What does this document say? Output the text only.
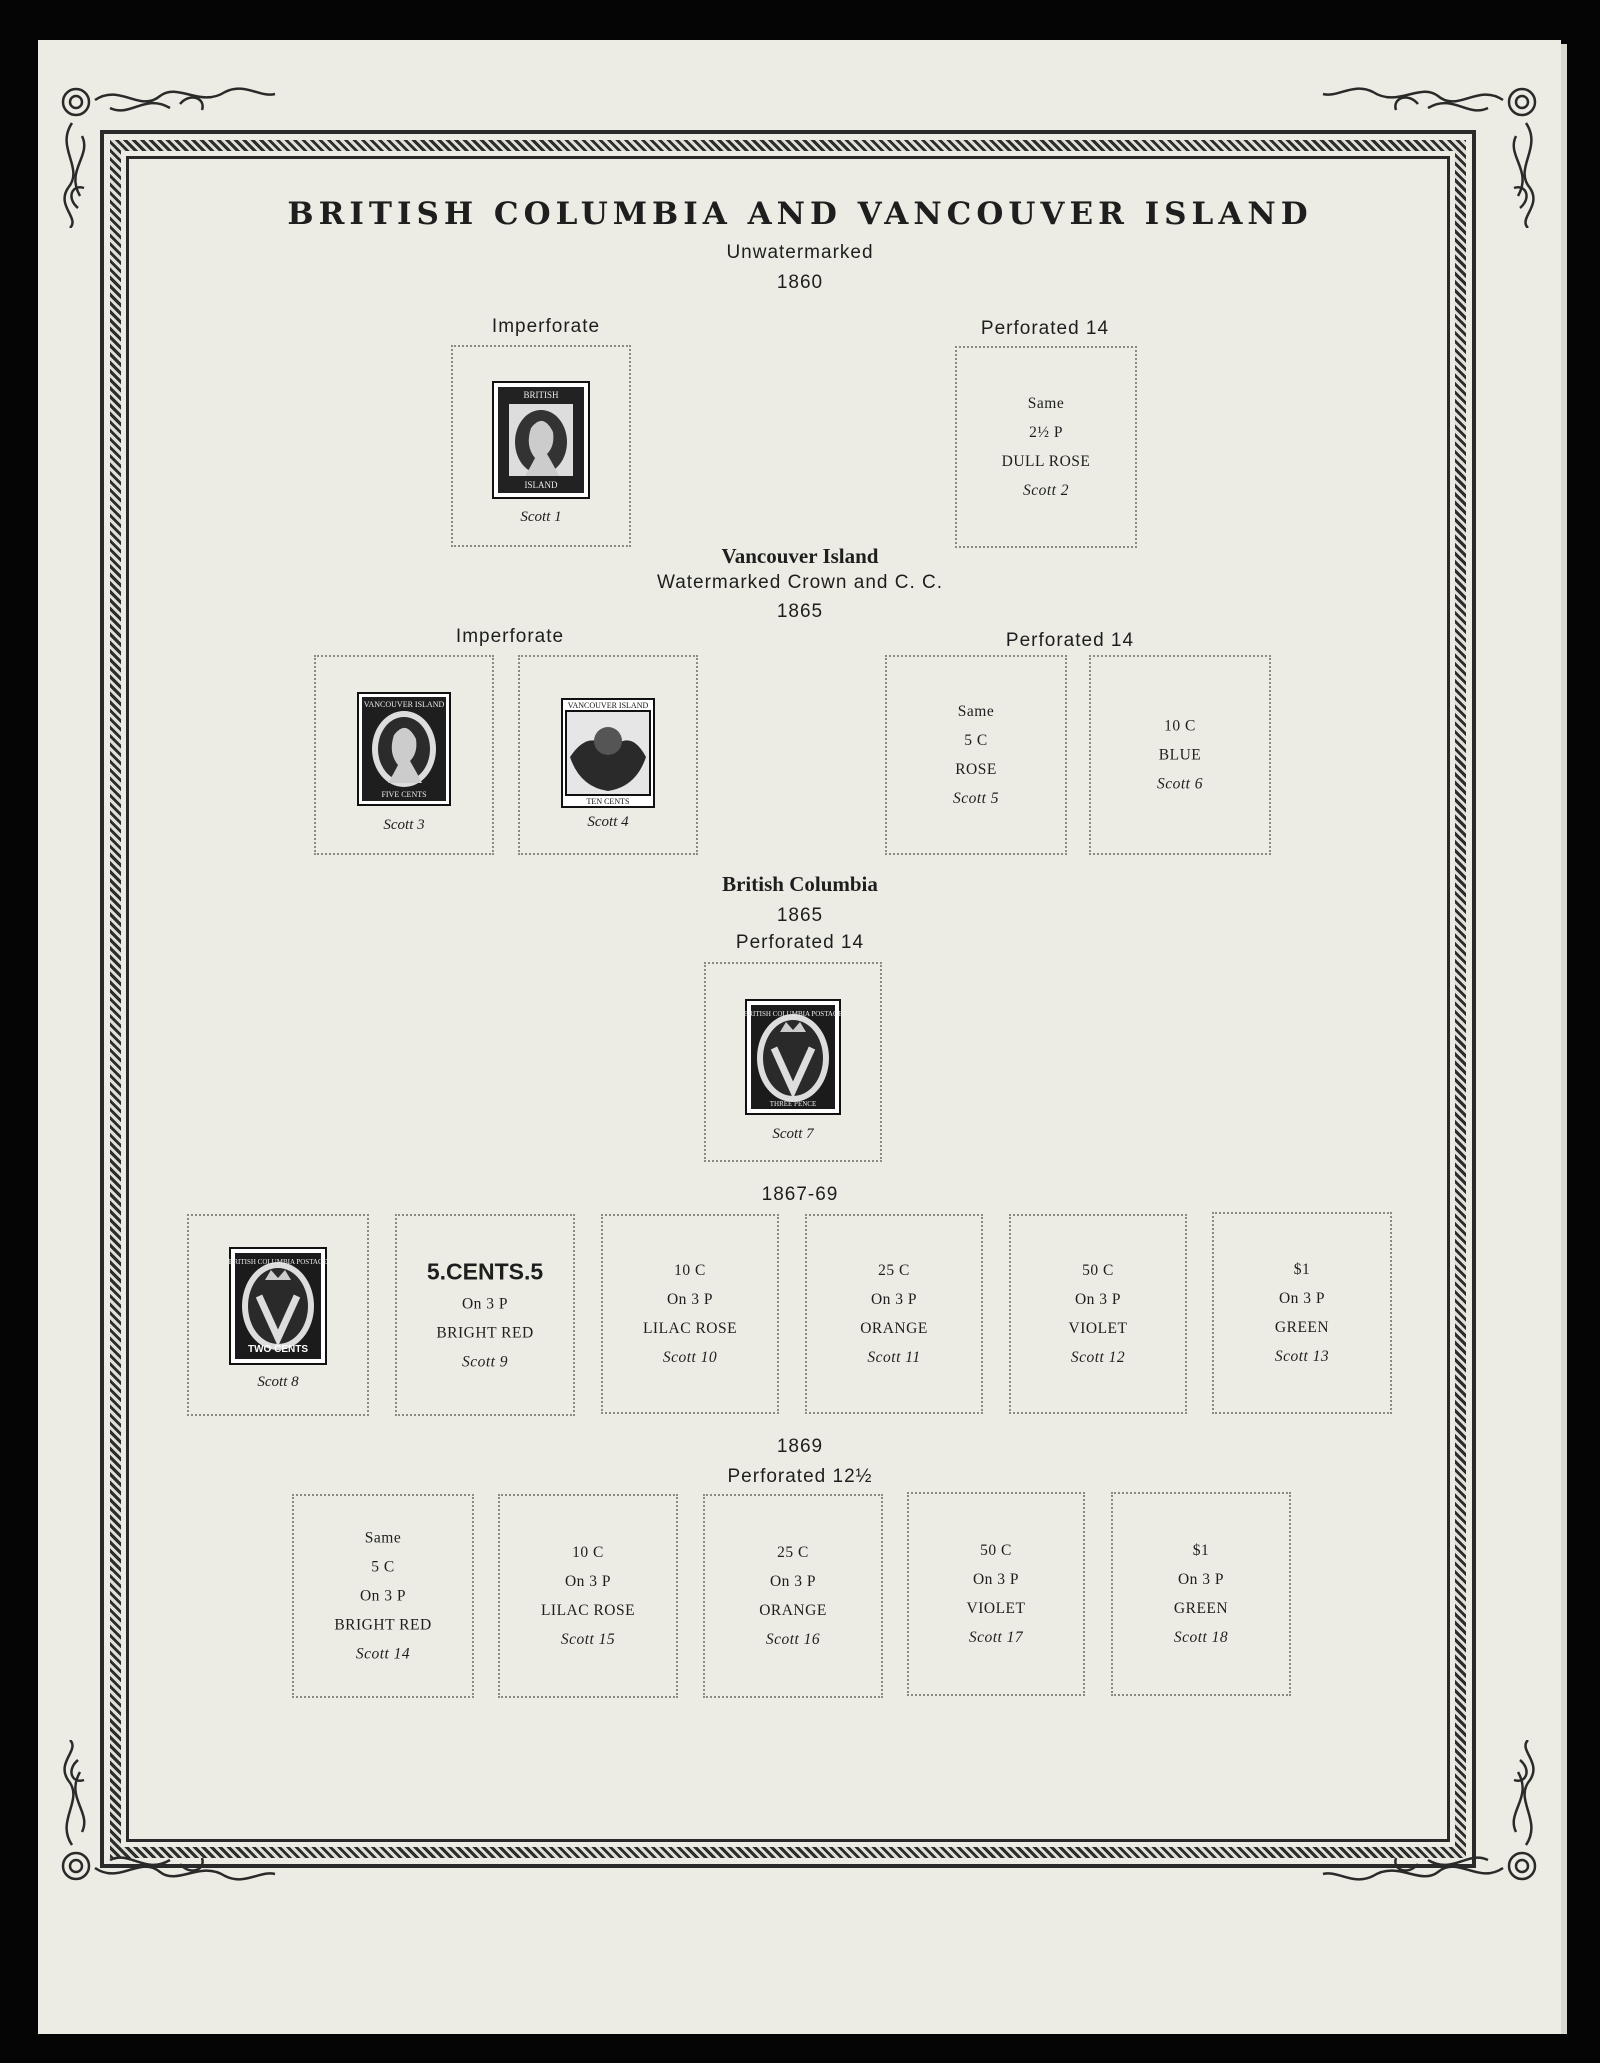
BRITISH COLUMBIA AND VANCOUVER ISLAND
Unwatermarked
1860
Imperforate	Perforated 14
BRITISH
ISLAND
Scott 1
Same
2½ P
DULL ROSE
Scott 2
Vancouver Island
Watermarked Crown and C. C.
1865
Imperforate	Perforated 14
VANCOUVER ISLAND
FIVE CENTS
Scott 3
VANCOUVER ISLAND
TEN CENTS
Scott 4
Same
5 C
ROSE
Scott 5
10 C
BLUE
Scott 6
British Columbia
1865
Perforated 14
BRITISH COLUMBIA POSTAGE
THREE PENCE
Scott 7
1867-69
BRITISH COLUMBIA POSTAGE
TWO CENTS
Scott 8
5.CENTS.5
On 3 P
BRIGHT RED
Scott 9
10 C
On 3 P
LILAC ROSE
Scott 10
25 C
On 3 P
ORANGE
Scott 11
50 C
On 3 P
VIOLET
Scott 12
$1
On 3 P
GREEN
Scott 13
1869
Perforated 12½
Same
5 C
On 3 P
BRIGHT RED
Scott 14
10 C
On 3 P
LILAC ROSE
Scott 15
25 C
On 3 P
ORANGE
Scott 16
50 C
On 3 P
VIOLET
Scott 17
$1
On 3 P
GREEN
Scott 18
